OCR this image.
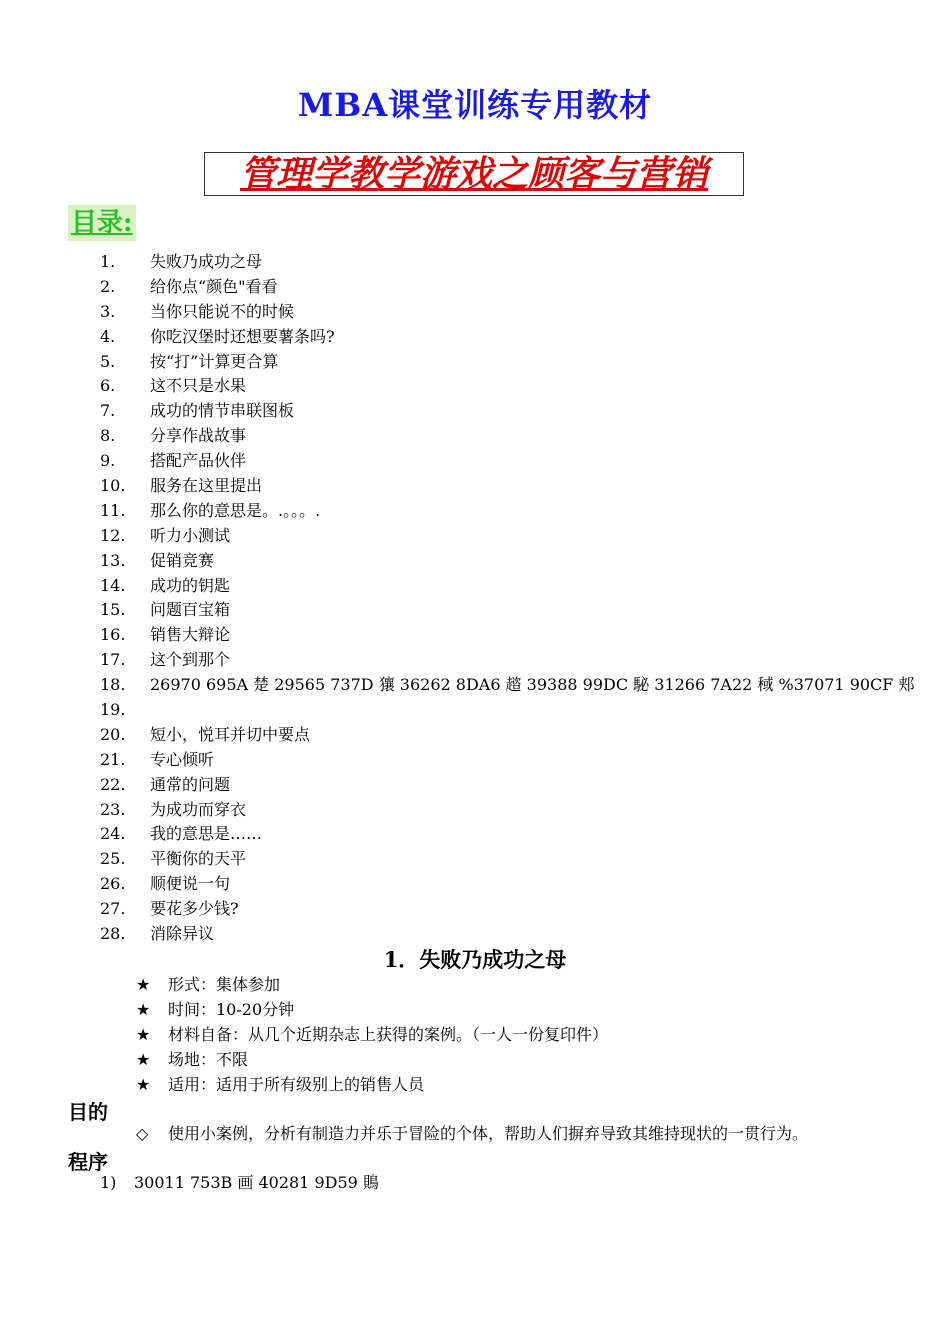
MBA课堂训练专用教材
管理学教学游戏之顾客与营销
目录:
1. 失败乃成功之母
2. 给你点“颜色"看看
3. 当你只能说不的时候
4. 你吃汉堡时还想要薯条吗?
5. 按“打”计算更合算
6. 这不只是水果
7. 成功的情节串联图板
8. 分享作战故事
9. 搭配产品伙伴
10. 服务在这里提出
11. 那么你的意思是。.。。。.
12. 听力小测试
13. 促销竞赛
14. 成功的钥匙
15. 问题百宝箱
16. 销售大辩论
17. 这个到那个
18. 26970 695A 楚 29565 737D 獽 36262 8DA6 趦 39388 99DC 駜 31266 7A22 稢 %37071 90CF 郏
19.
20. 短小，悦耳并切中要点
21. 专心倾听
22. 通常的问题
23. 为成功而穿衣
24. 我的意思是……
25. 平衡你的天平
26. 顺便说一句
27. 要花多少钱?
28. 消除异议
1．失败乃成功之母
★ 形式：集体参加
★ 时间：10-20分钟
★ 材料自备：从几个近期杂志上获得的案例。（一人一份复印件）
★ 场地：不限
★ 适用：适用于所有级别上的销售人员
目的
◇ 使用小案例，分析有制造力并乐于冒险的个体，帮助人们摒弃导致其维持现状的一贯行为。
程序
1) 30011 753B 画 40281 9D59 鵙
